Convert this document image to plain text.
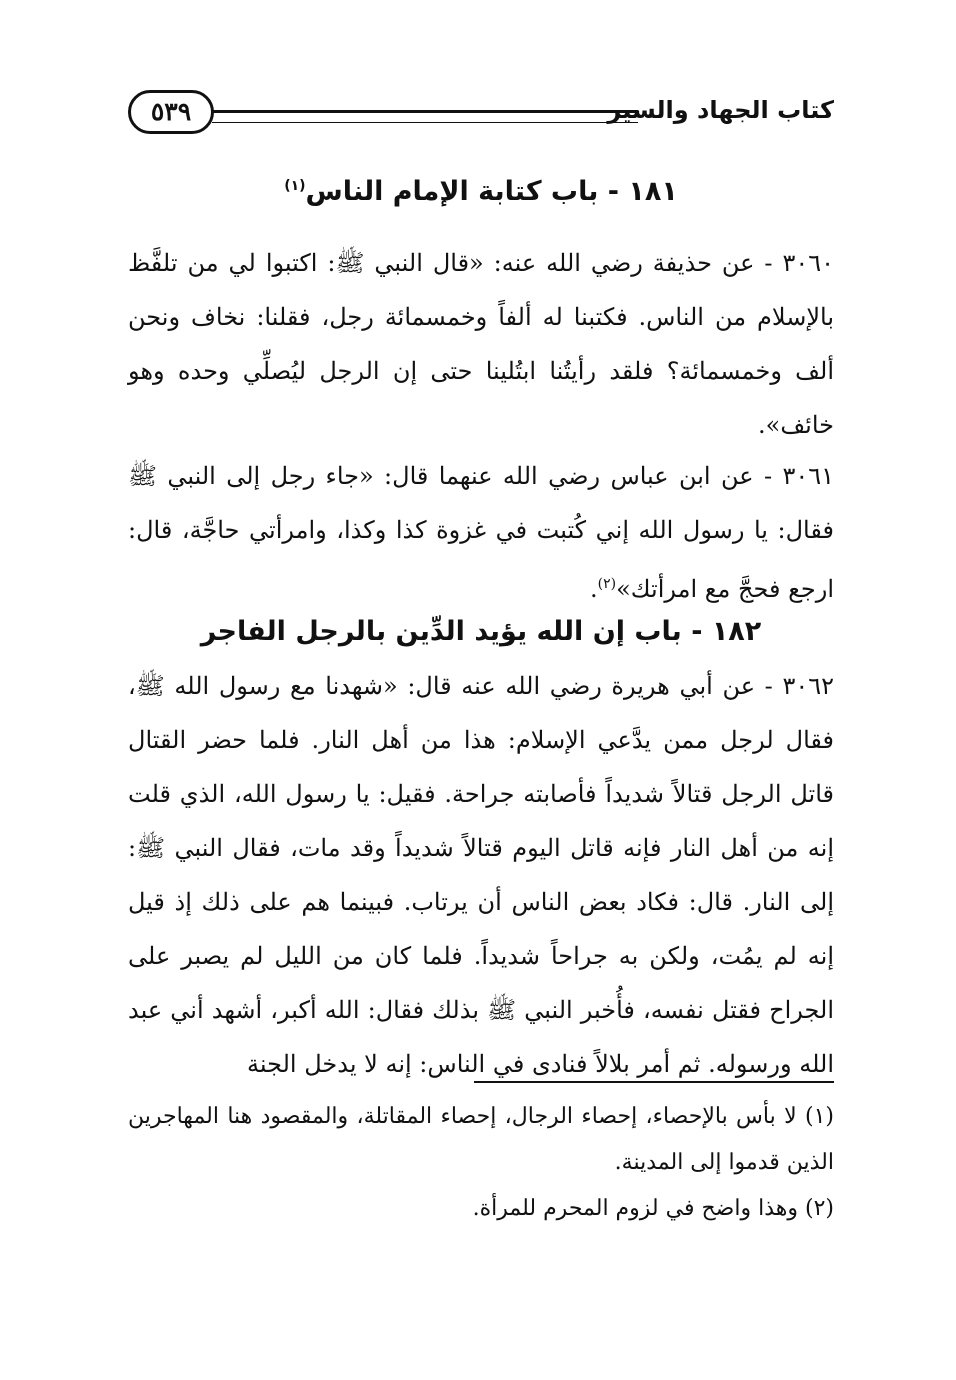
كتاب الجهاد والسير
٥٣٩
١٨١ - باب كتابة الإمام الناس$^{(١)}$
٣٠٦٠ - عن حذيفة رضي الله عنه: «قال النبي ﷺ: اكتبوا لي من تلفَّظ بالإسلام من الناس. فكتبنا له ألفاً وخمسمائة رجل، فقلنا: نخاف ونحن ألف وخمسمائة؟ فلقد رأيتُنا ابتُلينا حتى إن الرجل ليُصلِّي وحده وهو خائف».
٣٠٦١ - عن ابن عباس رضي الله عنهما قال: «جاء رجل إلى النبي ﷺ فقال: يا رسول الله إني كُتبت في غزوة كذا وكذا، وامرأتي حاجَّة، قال: ارجع فحجَّ مع امرأتك»$^{(٢)}$.
١٨٢ - باب إن الله يؤيد الدِّين بالرجل الفاجر
٣٠٦٢ - عن أبي هريرة رضي الله عنه قال: «شهدنا مع رسول الله ﷺ، فقال لرجل ممن يدَّعي الإسلام: هذا من أهل النار. فلما حضر القتال قاتل الرجل قتالاً شديداً فأصابته جراحة. فقيل: يا رسول الله، الذي قلت إنه من أهل النار فإنه قاتل اليوم قتالاً شديداً وقد مات، فقال النبي ﷺ: إلى النار. قال: فكاد بعض الناس أن يرتاب. فبينما هم على ذلك إذ قيل إنه لم يمُت، ولكن به جراحاً شديداً. فلما كان من الليل لم يصبر على الجراح فقتل نفسه، فأُخبر النبي ﷺ بذلك فقال: الله أكبر، أشهد أني عبد الله ورسوله. ثم أمر بلالاً فنادى في الناس: إنه لا يدخل الجنة
(١) لا بأس بالإحصاء، إحصاء الرجال، إحصاء المقاتلة، والمقصود هنا المهاجرين الذين قدموا إلى المدينة.
(٢) وهذا واضح في لزوم المحرم للمرأة.
